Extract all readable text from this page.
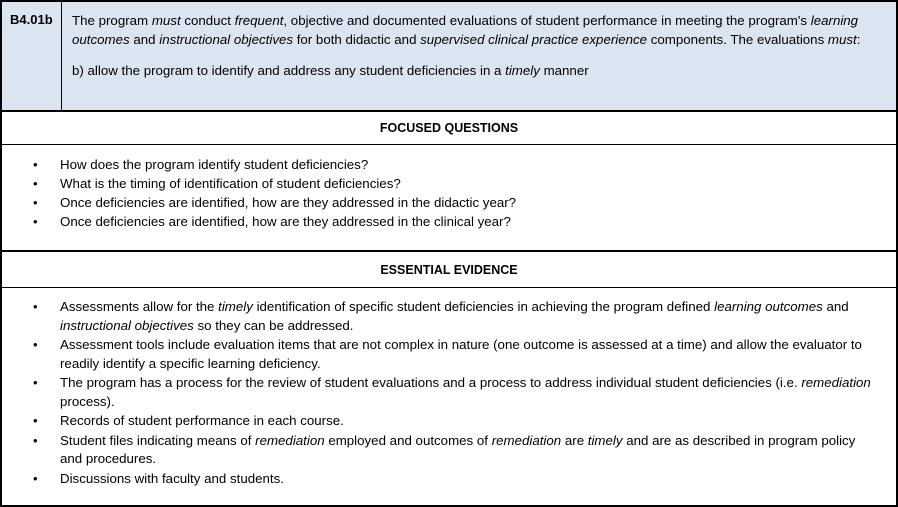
B4.01b	The program must conduct frequent, objective and documented evaluations of student performance in meeting the program's learning outcomes and instructional objectives for both didactic and supervised clinical practice experience components. The evaluations must:

b) allow the program to identify and address any student deficiencies in a timely manner

FOCUSED QUESTIONS
• How does the program identify student deficiencies?
• What is the timing of identification of student deficiencies?
• Once deficiencies are identified, how are they addressed in the didactic year?
• Once deficiencies are identified, how are they addressed in the clinical year?
ESSENTIAL EVIDENCE
• Assessments allow for the timely identification of specific student deficiencies in achieving the program defined learning outcomes and instructional objectives so they can be addressed.
• Assessment tools include evaluation items that are not complex in nature (one outcome is assessed at a time) and allow the evaluator to readily identify a specific learning deficiency.
• The program has a process for the review of student evaluations and a process to address individual student deficiencies (i.e. remediation process).
• Records of student performance in each course.
• Student files indicating means of remediation employed and outcomes of remediation are timely and are as described in program policy and procedures.
• Discussions with faculty and students.
